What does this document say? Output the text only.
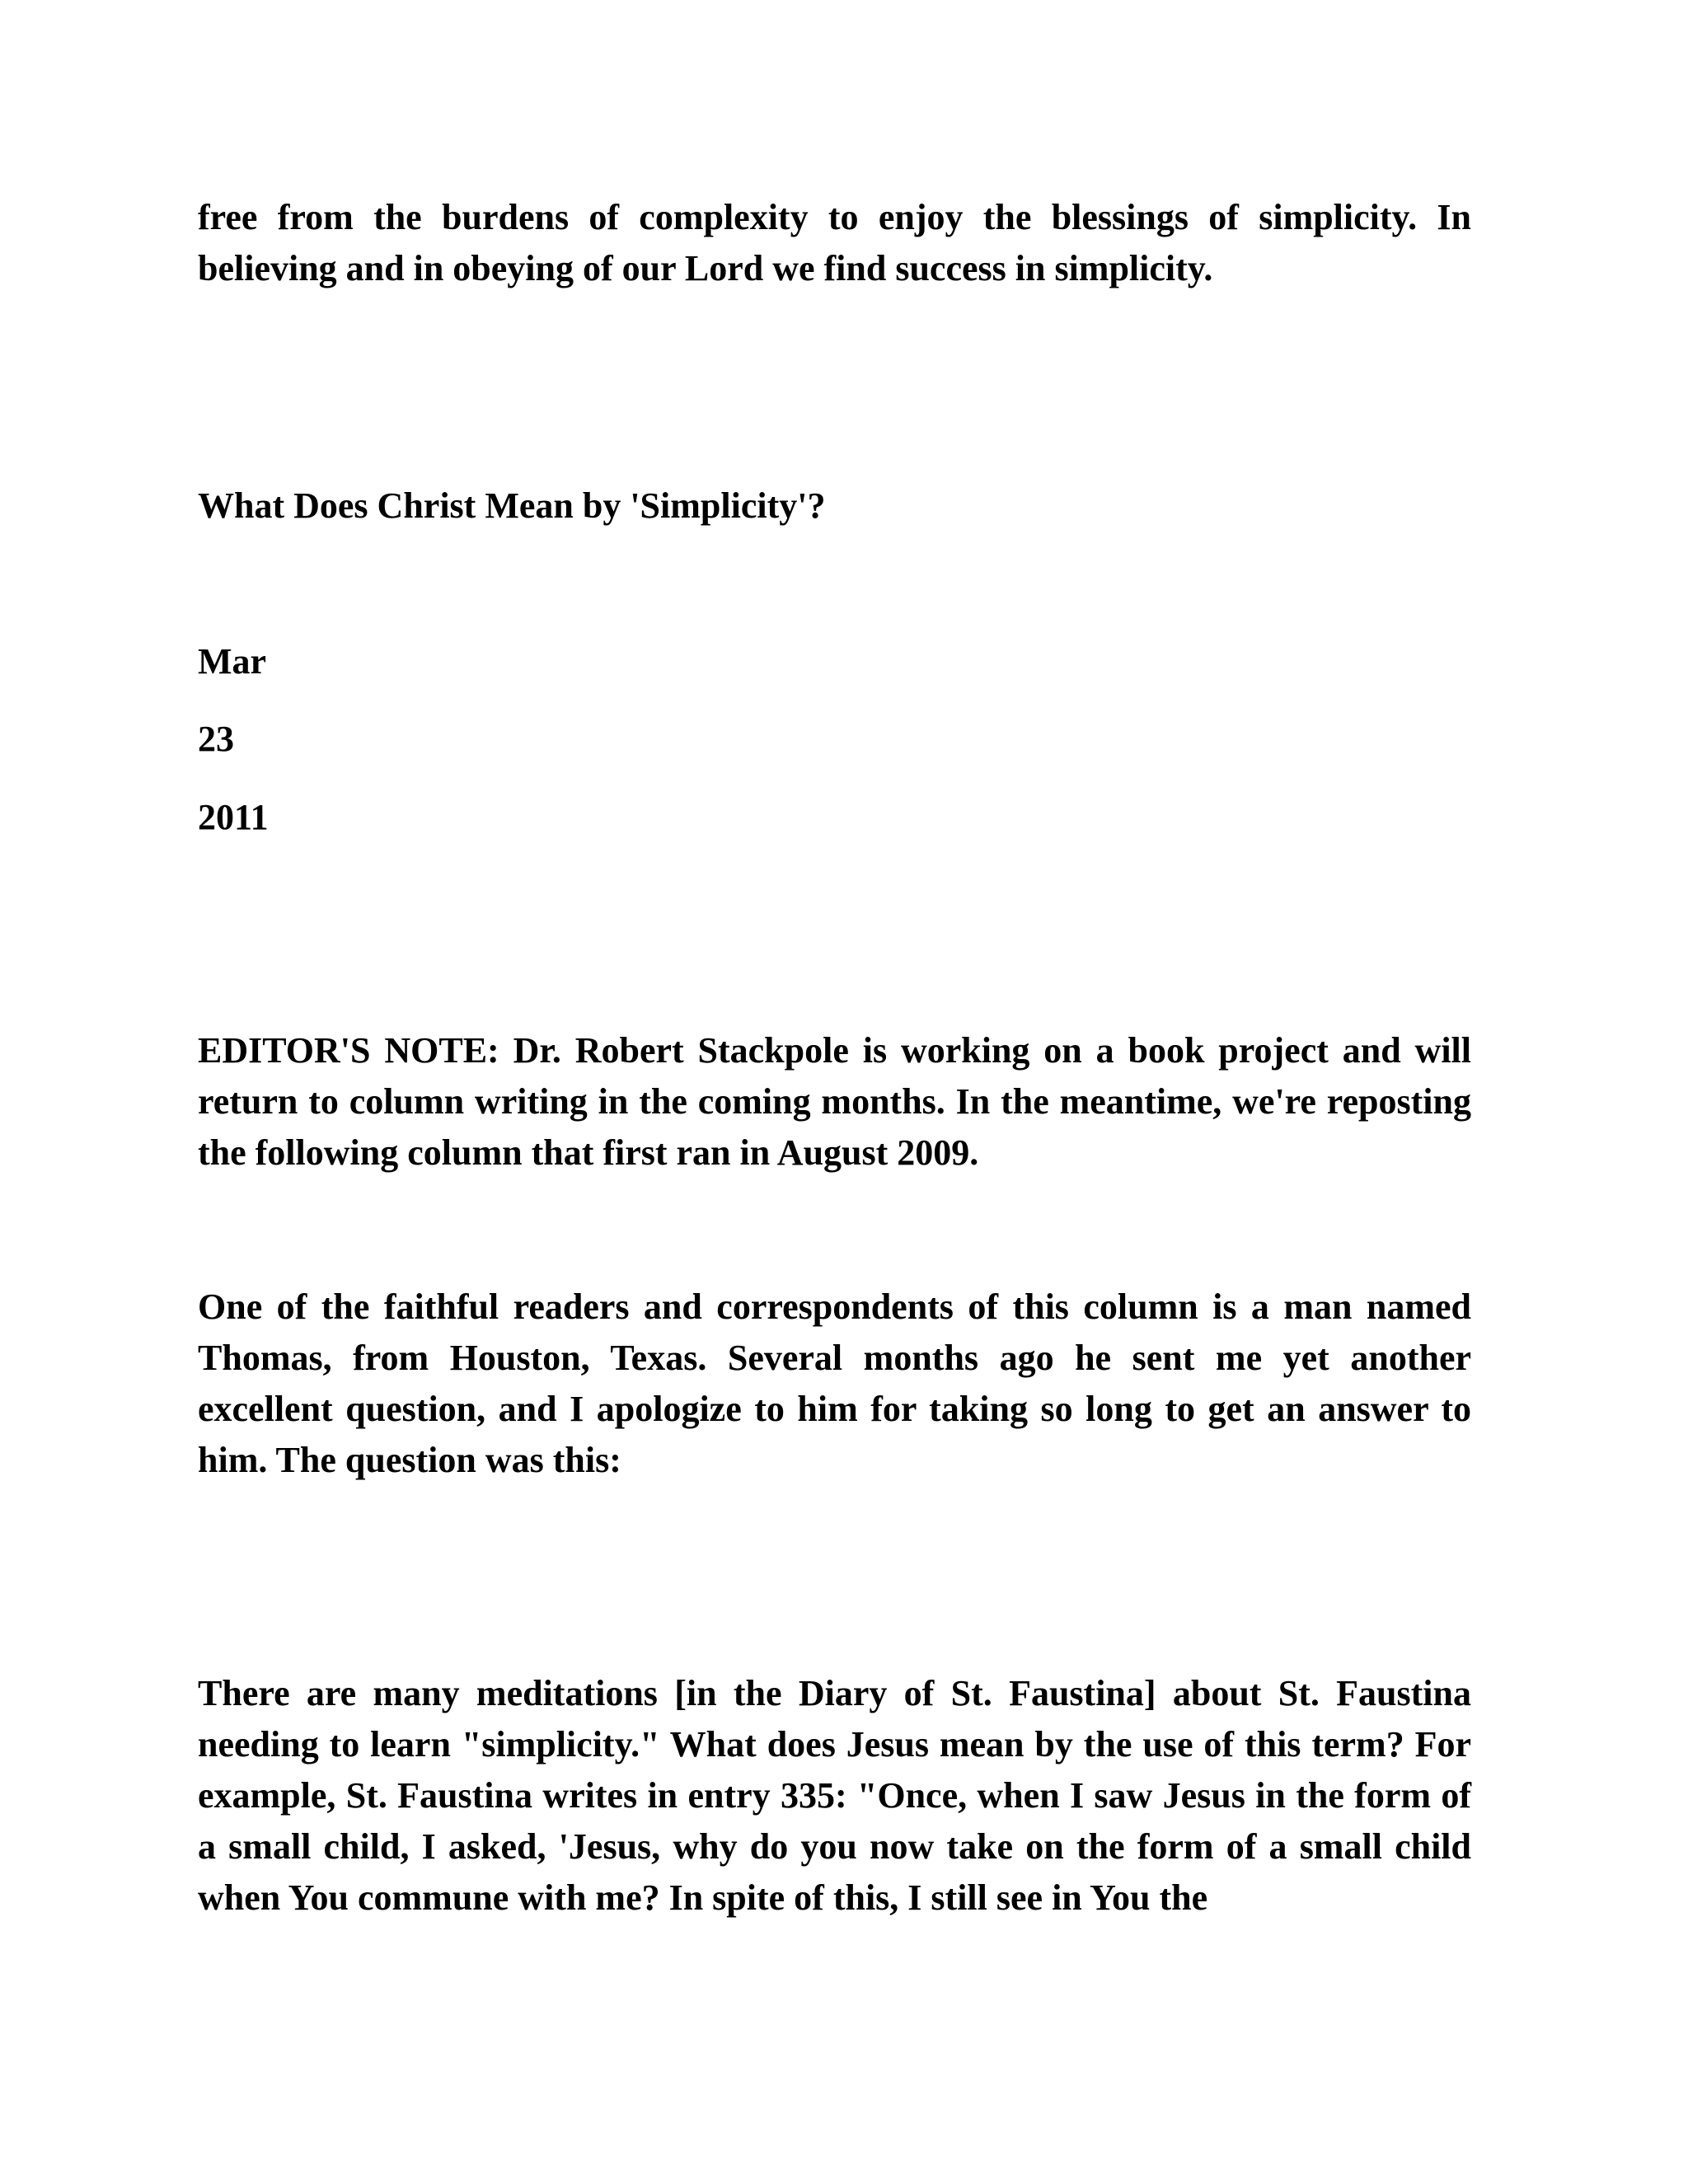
free from the burdens of complexity to enjoy the blessings of simplicity. In
believing and in obeying of our Lord we find success in simplicity.
What Does Christ Mean by 'Simplicity'?
Mar
23
2011
EDITOR'S NOTE: Dr. Robert Stackpole is working on a book project and will return to column writing in the coming months. In the meantime, we're reposting the following column that first ran in August 2009.
One of the faithful readers and correspondents of this column is a man named Thomas, from Houston, Texas. Several months ago he sent me yet another excellent question, and I apologize to him for taking so long to get an answer to him. The question was this:
There are many meditations [in the Diary of St. Faustina] about St. Faustina needing to learn "simplicity." What does Jesus mean by the use of this term? For example, St. Faustina writes in entry 335: "Once, when I saw Jesus in the form of a small child, I asked, 'Jesus, why do you now take on the form of a small child when You commune with me? In spite of this, I still see in You the
